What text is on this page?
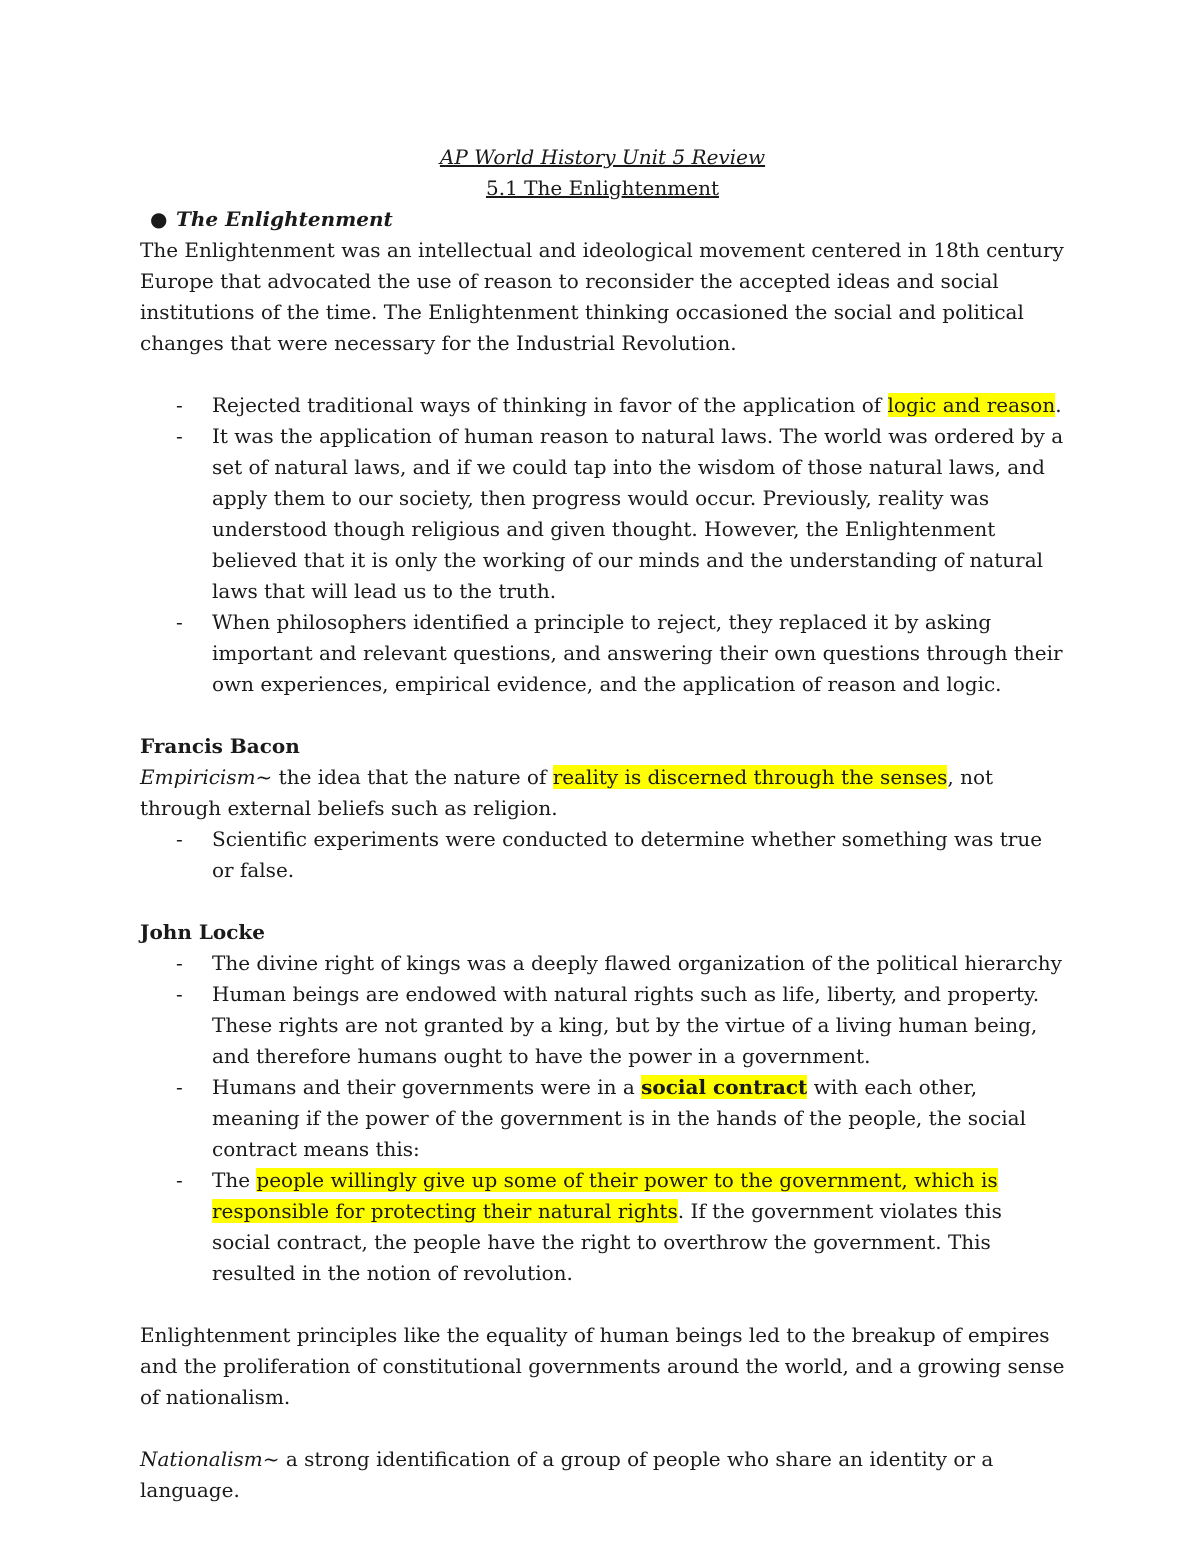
AP World History Unit 5 Review
5.1 The Enlightenment
● The Enlightenment

The Enlightenment was an intellectual and ideological movement centered in 18th century Europe that advocated the use of reason to reconsider the accepted ideas and social institutions of the time. The Enlightenment thinking occasioned the social and political changes that were necessary for the Industrial Revolution.

- Rejected traditional ways of thinking in favor of the application of logic and reason.
- It was the application of human reason to natural laws. The world was ordered by a set of natural laws, and if we could tap into the wisdom of those natural laws, and apply them to our society, then progress would occur. Previously, reality was understood though religious and given thought. However, the Enlightenment believed that it is only the working of our minds and the understanding of natural laws that will lead us to the truth.
- When philosophers identified a principle to reject, they replaced it by asking important and relevant questions, and answering their own questions through their own experiences, empirical evidence, and the application of reason and logic.

Francis Bacon

Empiricism~ the idea that the nature of reality is discerned through the senses, not through external beliefs such as religion.

- Scientific experiments were conducted to determine whether something was true or false.

John Locke

- The divine right of kings was a deeply flawed organization of the political hierarchy
- Human beings are endowed with natural rights such as life, liberty, and property. These rights are not granted by a king, but by the virtue of a living human being, and therefore humans ought to have the power in a government.
- Humans and their governments were in a social contract with each other, meaning if the power of the government is in the hands of the people, the social contract means this:
- The people willingly give up some of their power to the government, which is responsible for protecting their natural rights. If the government violates this social contract, the people have the right to overthrow the government. This resulted in the notion of revolution.

Enlightenment principles like the equality of human beings led to the breakup of empires and the proliferation of constitutional governments around the world, and a growing sense of nationalism.

Nationalism~ a strong identification of a group of people who share an identity or a language.
